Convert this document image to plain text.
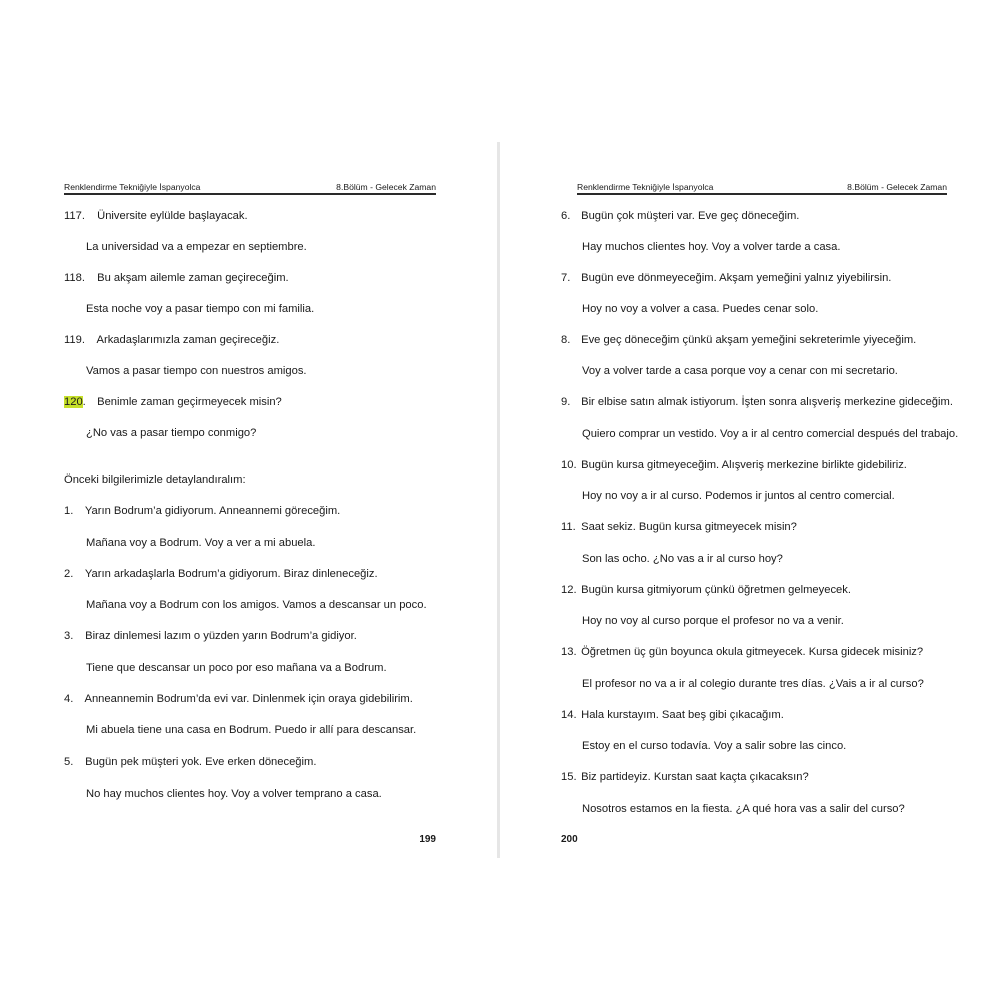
Renklendirme Tekniğiyle İspanyolca	8.Bölüm - Gelecek Zaman
117. Üniversite eylülde başlayacak.
La universidad va a empezar en septiembre.
118. Bu akşam ailemle zaman geçireceğim.
Esta noche voy a pasar tiempo con mi familia.
119. Arkadaşlarımızla zaman geçireceğiz.
Vamos a pasar tiempo con nuestros amigos.
120. Benimle zaman geçirmeyecek misin?
¿No vas a pasar tiempo conmigo?
Önceki bilgilerimizle detaylandıralım:
1. Yarın Bodrum’a gidiyorum. Anneannemi göreceğim.
Mañana voy a Bodrum. Voy a ver a mi abuela.
2. Yarın arkadaşlarla Bodrum’a gidiyorum. Biraz dinleneceğiz.
Mañana voy a Bodrum con los amigos. Vamos a descansar un poco.
3. Biraz dinlemesi lazım o yüzden yarın Bodrum’a gidiyor.
Tiene que descansar un poco por eso mañana va a Bodrum.
4. Anneannemin Bodrum’da evi var. Dinlenmek için oraya gidebilirim.
Mi abuela tiene una casa en Bodrum. Puedo ir allí para descansar.
5. Bugün pek müşteri yok. Eve erken döneceğim.
No hay muchos clientes hoy. Voy a volver temprano a casa.
199
Renklendirme Tekniğiyle İspanyolca	8.Bölüm - Gelecek Zaman
6. Bugün çok müşteri var. Eve geç döneceğim.
Hay muchos clientes hoy. Voy a volver tarde a casa.
7. Bugün eve dönmeyeceğim. Akşam yemeğini yalnız yiyebilirsin.
Hoy no voy a volver a casa. Puedes cenar solo.
8. Eve geç döneceğim çünkü akşam yemeğini sekreterimle yiyeceğim.
Voy a volver tarde a casa porque voy a cenar con mi secretario.
9. Bir elbise satın almak istiyorum. İşten sonra alışveriş merkezine gideceğim.
Quiero comprar un vestido. Voy a ir al centro comercial después del trabajo.
10. Bugün kursa gitmeyeceğim. Alışveriş merkezine birlikte gidebiliriz.
Hoy no voy a ir al curso. Podemos ir juntos al centro comercial.
11. Saat sekiz. Bugün kursa gitmeyecek misin?
Son las ocho. ¿No vas a ir al curso hoy?
12. Bugün kursa gitmiyorum çünkü öğretmen gelmeyecek.
Hoy no voy al curso porque el profesor no va a venir.
13. Öğretmen üç gün boyunca okula gitmeyecek. Kursa gidecek misiniz?
El profesor no va a ir al colegio durante tres días. ¿Vais a ir al curso?
14. Hala kurstayım. Saat beş gibi çıkacağım.
Estoy en el curso todavía. Voy a salir sobre las cinco.
15. Biz partideyiz. Kurstan saat kaçta çıkacaksın?
Nosotros estamos en la fiesta. ¿A qué hora vas a salir del curso?
200
